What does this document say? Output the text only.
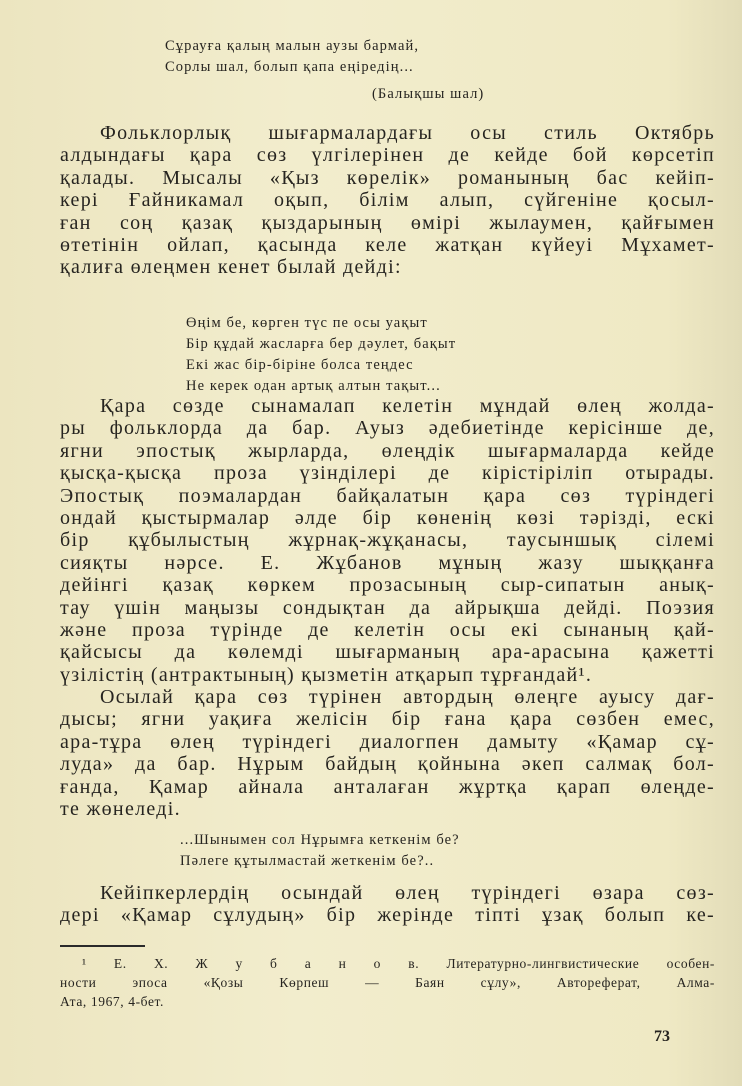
Сұрауға қалың малын аузы бармай,
Сорлы шал, болып қапа еңіредің...
(Балықшы шал)
Фольклорлық шығармалардағы осы стиль Октябрь
алдындағы қара сөз үлгілерінен де кейде бой көрсетіп
қалады. Мысалы «Қыз көрелік» романының бас кейіп-
кері Ғайникамал оқып, білім алып, сүйгеніне қосыл-
ған соң қазақ қыздарының өмірі жылаумен, қайғымен
өтетінін ойлап, қасында келе жатқан күйеуі Мұхамет-
қалиға өлеңмен кенет былай дейді:
Өңім бе, көрген түс пе осы уақыт
Бір құдай жасларға бер дәулет, бақыт
Екі жас бір-біріне болса теңдес
Не керек одан артық алтын тақыт...
Қара сөзде сынамалап келетін мұндай өлең жолда-
ры фольклорда да бар. Ауыз әдебиетінде керісінше де,
ягни эпостық жырларда, өлеңдік шығармаларда кейде
қысқа-қысқа проза үзінділері де кірістіріліп отырады.
Эпостық поэмалардан байқалатын қара сөз түріндегі
ондай қыстырмалар әлде бір көненің көзі тәрізді, ескі
бір құбылыстың жұрнақ-жұқанасы, таусыншық сілемі
сияқты нәрсе. Е. Жұбанов мұның жазу шыққанға
дейінгі қазақ көркем прозасының сыр-сипатын анық-
тау үшін маңызы сондықтан да айрықша дейді. Поэзия
және проза түрінде де келетін осы екі сынаның қай-
қайсысы да көлемді шығарманың ара-арасына қажетті
үзілістің (антрактының) қызметін атқарып тұрғандай¹.
Осылай қара сөз түрінен автордың өлеңге ауысу дағ-
дысы; ягни уақиға желісін бір ғана қара сөзбен емес,
ара-тұра өлең түріндегі диалогпен дамыту «Қамар сұ-
луда» да бар. Нұрым байдың қойнына әкеп салмақ бол-
ғанда, Қамар айнала анталаған жұртқа қарап өлеңде-
те жөнеледі.
...Шынымен сол Нұрымға кеткенім бе?
Пәлеге құтылмастай жеткенім бе?..
Кейіпкерлердің осындай өлең түріндегі өзара сөз-
дері «Қамар сұлудың» бір жерінде тіпті ұзақ болып ке-
¹ Е. Х. Ж у б а н о в. Литературно-лингвистические особен-
ности эпоса «Қозы Көрпеш — Баян сұлу», Автореферат, Алма-
Ата, 1967, 4-бет.
73
